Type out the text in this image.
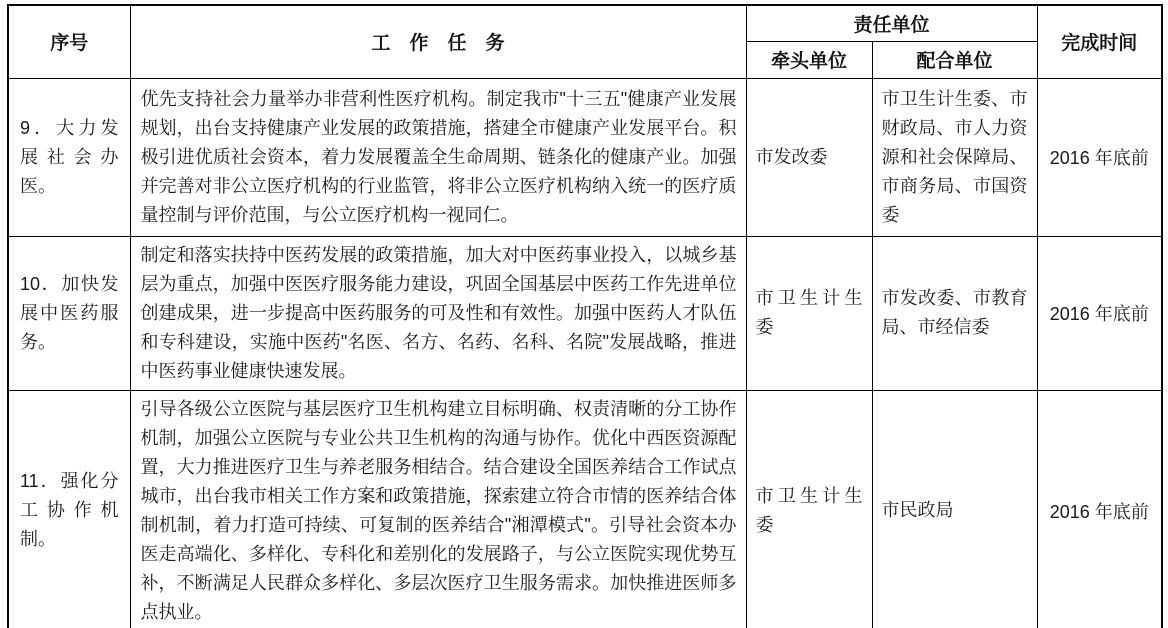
序号	工　作　任　务	责任单位		完成时间
		牵头单位	配合单位	
9．大力发展社会办医。	优先支持社会力量举办非营利性医疗机构。制定我市"十三五"健康产业发展规划，出台支持健康产业发展的政策措施，搭建全市健康产业发展平台。积极引进优质社会资本，着力发展覆盖全生命周期、链条化的健康产业。加强并完善对非公立医疗机构的行业监管，将非公立医疗机构纳入统一的医疗质量控制与评价范围，与公立医疗机构一视同仁。	市发改委	市卫生计生委、市财政局、市人力资源和社会保障局、市商务局、市国资委	2016 年底前
10．加快发展中医药服务。	制定和落实扶持中医药发展的政策措施，加大对中医药事业投入，以城乡基层为重点，加强中医医疗服务能力建设，巩固全国基层中医药工作先进单位创建成果，进一步提高中医药服务的可及性和有效性。加强中医药人才队伍和专科建设，实施中医药"名医、名方、名药、名科、名院"发展战略，推进中医药事业健康快速发展。	市卫生计生委	市发改委、市教育局、市经信委	2016 年底前
11．强化分工协作机制。	引导各级公立医院与基层医疗卫生机构建立目标明确、权责清晰的分工协作机制，加强公立医院与专业公共卫生机构的沟通与协作。优化中西医资源配置，大力推进医疗卫生与养老服务相结合。结合建设全国医养结合工作试点城市，出台我市相关工作方案和政策措施，探索建立符合市情的医养结合体制机制，着力打造可持续、可复制的医养结合"湘潭模式"。引导社会资本办医走高端化、多样化、专科化和差别化的发展路子，与公立医院实现优势互补，不断满足人民群众多样化、多层次医疗卫生服务需求。加快推进医师多点执业。	市卫生计生委	市民政局	2016 年底前
